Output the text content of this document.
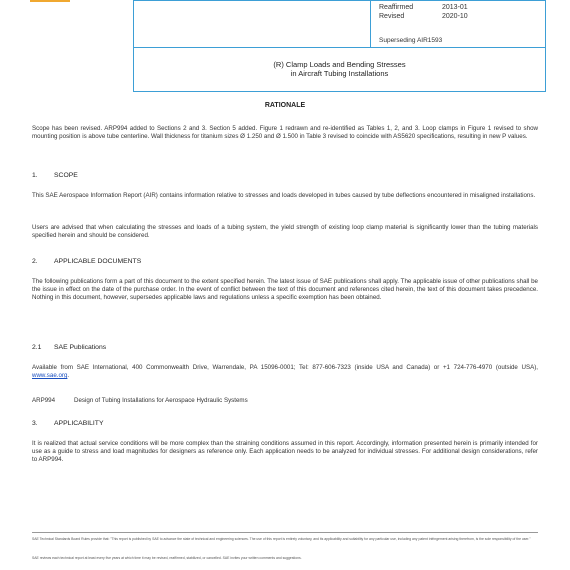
Reaffirmed	2013-01
Revised	2020-10
Superseding AIR1593
(R) Clamp Loads and Bending Stresses
in Aircraft Tubing Installations
RATIONALE

Scope has been revised. ARP994 added to Sections 2 and 3. Section 5 added. Figure 1 redrawn and re-identified as Tables 1, 2, and 3. Loop clamps in Figure 1 revised to show mounting position is above tube centerline. Wall thickness for titanium sizes Ø 1.250 and Ø 1.500 in Table 3 revised to coincide with AS5620 specifications, resulting in new P values.

1. SCOPE

This SAE Aerospace Information Report (AIR) contains information relative to stresses and loads developed in tubes caused by tube deflections encountered in misaligned installations.

Users are advised that when calculating the stresses and loads of a tubing system, the yield strength of existing loop clamp material is significantly lower than the tubing materials specified herein and should be considered.

2. APPLICABLE DOCUMENTS

The following publications form a part of this document to the extent specified herein. The latest issue of SAE publications shall apply. The applicable issue of other publications shall be the issue in effect on the date of the purchase order. In the event of conflict between the text of this document and references cited herein, the text of this document takes precedence. Nothing in this document, however, supersedes applicable laws and regulations unless a specific exemption has been obtained.

2.1 SAE Publications

Available from SAE International, 400 Commonwealth Drive, Warrendale, PA 15096-0001; Tel: 877-606-7323 (inside USA and Canada) or +1 724-776-4970 (outside USA), www.sae.org.

ARP994	Design of Tubing Installations for Aerospace Hydraulic Systems
3. APPLICABILITY

It is realized that actual service conditions will be more complex than the straining conditions assumed in this report. Accordingly, information presented herein is primarily intended for use as a guide to stress and load magnitudes for designers as reference only. Each application needs to be analyzed for individual stresses. For additional design considerations, refer to ARP994.

SAE Technical Standards Board Rules provide that: "This report is published by SAE to advance the state of technical and engineering sciences. The use of this report is entirely voluntary, and its applicability and suitability for any particular use, including any patent infringement arising therefrom, is the sole responsibility of the user."
SAE reviews each technical report at least every five years at which time it may be revised, reaffirmed, stabilized, or cancelled. SAE invites your written comments and suggestions.
